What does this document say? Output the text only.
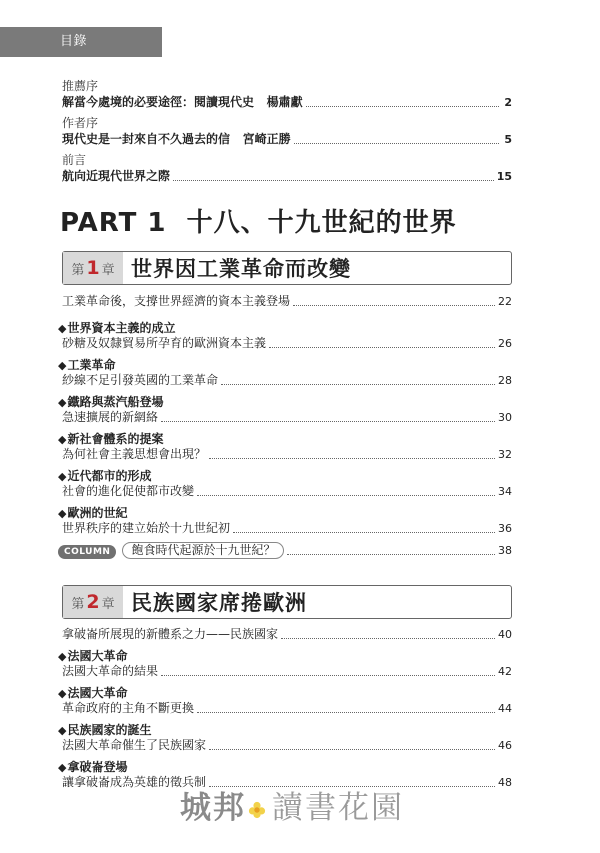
目錄 CONTENTS
推薦序
解當今處境的必要途徑：閱讀現代史 楊肅獻	2
作者序
現代史是一封來自不久過去的信 宮崎正勝	5
前言
航向近現代世界之際	15
PART 1 十八、十九世紀的世界
第 1 章 世界因工業革命而改變
工業革命後，支撐世界經濟的資本主義登場	22
◆世界資本主義的成立
砂糖及奴隸貿易所孕育的歐洲資本主義	26
◆工業革命
紗線不足引發英國的工業革命	28
◆鐵路與蒸汽船登場
急速擴展的新網絡	30
◆新社會體系的提案
為何社會主義思想會出現？	32
◆近代都市的形成
社會的進化促使都市改變	34
◆歐洲的世紀
世界秩序的建立始於十九世紀初	36
COLUMN 飽食時代起源於十九世紀？	38
第 2 章 民族國家席捲歐洲
拿破崙所展現的新體系之力——民族國家	40
◆法國大革命
法國大革命的結果	42
◆法國大革命
革命政府的主角不斷更換	44
◆民族國家的誕生
法國大革命催生了民族國家	46
◆拿破崙登場
讓拿破崙成為英雄的徵兵制	48
城邦 讀書花園
